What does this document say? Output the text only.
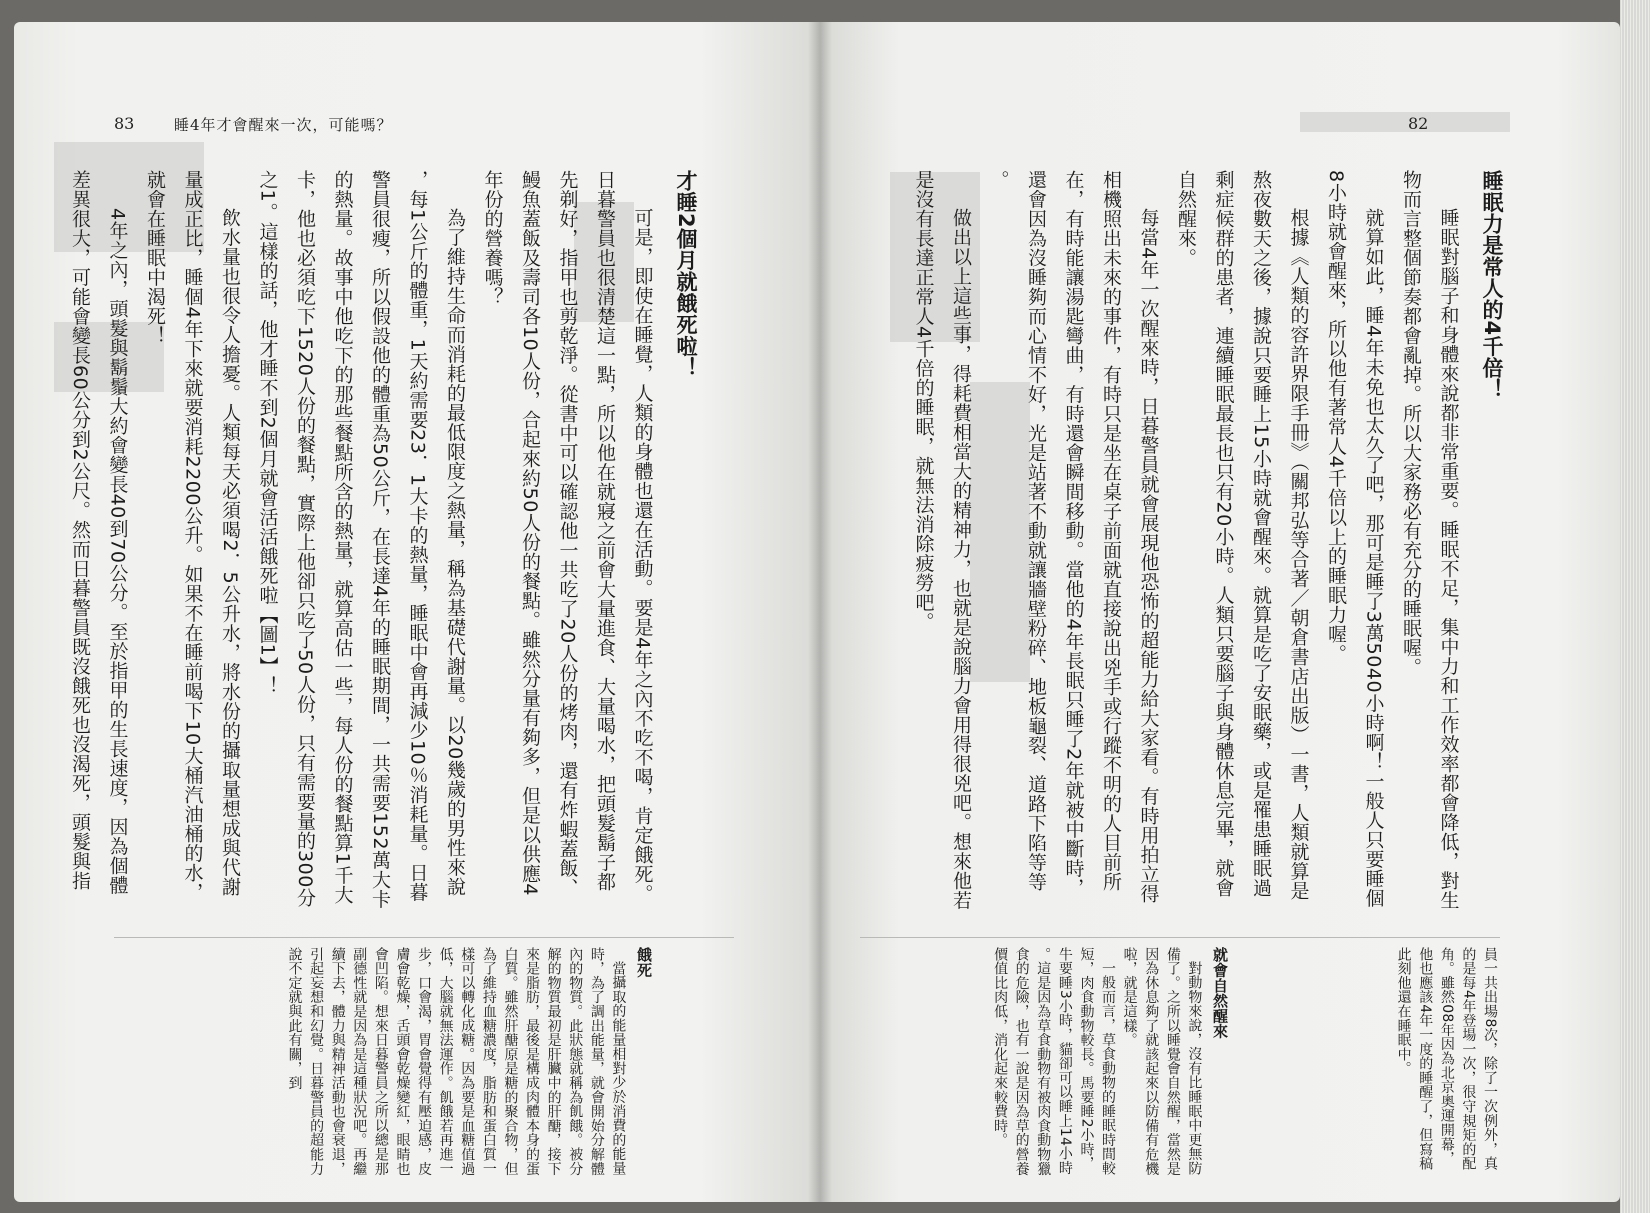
83	睡4年才會醒來一次，可能嗎？
才睡2個月就餓死啦！

可是，即使在睡覺，人類的身體也還在活動。要是4年之內不吃不喝，肯定餓死。日暮警員也很清楚這一點，所以他在就寢之前會大量進食、大量喝水，把頭髮鬍子都先剃好，指甲也剪乾淨。從書中可以確認他一共吃了20人份的烤肉，還有炸蝦蓋飯、鰻魚蓋飯及壽司各10人份，合起來約50人份的餐點。雖然分量有夠多，但是以供應4年份的營養嗎？

為了維持生命而消耗的最低限度之熱量，稱為基礎代謝量。以20幾歲的男性來說，每1公斤的體重，1天約需要23．1大卡的熱量，睡眠中會再減少10％消耗量。日暮警員很瘦，所以假設他的體重為50公斤，在長達4年的睡眠期間，一共需要152萬大卡的熱量。故事中他吃下的那些餐點所含的熱量，就算高估一些，每人份的餐點算1千大卡，他也必須吃下1520人份的餐點，實際上他卻只吃了50人份，只有需要量的300分之1。這樣的話，他才睡不到2個月就會活活餓死啦【圖1】！

飲水量也很令人擔憂。人類每天必須喝2．5公升水，將水份的攝取量想成與代謝量成正比，睡個4年下來就要消耗2200公升。如果不在睡前喝下10大桶汽油桶的水，就會在睡眠中渴死！

4年之內，頭髮與鬍鬚大約會變長40到70公分。至於指甲的生長速度，因為個體差異很大，可能會變長60公分到2公尺。然而日暮警員既沒餓死也沒渴死，頭髮與指

餓死

當攝取的能量相對少於消費的能量時，為了調出能量，就會開始分解體內的物質。此狀態就稱為飢餓。被分解的物質最初是肝臟中的肝醣，接下來是脂肪，最後是構成肉體本身的蛋白質。雖然肝醣原是糖的聚合物，但為了維持血糖濃度，脂肪和蛋白質一樣可以轉化成糖。因為要是血糖值過低，大腦就無法運作。飢餓若再進一步，口會渴，胃會覺得有壓迫感，皮膚會乾燥，舌頭會乾燥變紅，眼睛也會凹陷。想來日暮警員之所以總是那副德性就是因為是這種狀況吧。再繼續下去，體力與精神活動也會衰退，引起妄想和幻覺。日暮警員的超能力說不定就與此有關，到

82
睡眠力是常人的4千倍！

睡眠對腦子和身體來說都非常重要。睡眠不足，集中力和工作效率都會降低，對生物而言整個節奏都會亂掉。所以大家務必有充分的睡眠喔。

就算如此，睡4年未免也太久了吧，那可是睡了3萬5040小時啊！一般人只要睡個8小時就會醒來，所以他有著常人4千倍以上的睡眠力喔。

根據《人類的容許界限手冊》（關邦弘等合著／朝倉書店出版）一書，人類就算是熬夜數天之後，據說只要睡上15小時就會醒來。就算是吃了安眠藥，或是罹患睡眠過剩症候群的患者，連續睡眠最長也只有20小時。人類只要腦子與身體休息完畢，就會自然醒來。

每當4年一次醒來時，日暮警員就會展現他恐怖的超能力給大家看。有時用拍立得相機照出未來的事件，有時只是坐在桌子前面就直接說出兇手或行蹤不明的人目前所在，有時能讓湯匙彎曲，有時還會瞬間移動。當他的4年長眠只睡了2年就被中斷時，還會因為沒睡夠而心情不好，光是站著不動就讓牆壁粉碎、地板龜裂、道路下陷等等。

做出以上這些事，得耗費相當大的精神力，也就是說腦力會用得很兇吧。想來他若是沒有長達正常人4千倍的睡眠，就無法消除疲勞吧。

員一共出場8次，除了一次例外，真的是每4年登場一次，很守規矩的配角。雖然08年因為北京奧運開幕，他也應該4年一度的睡醒了，但寫稿此刻他還在睡眠中。

就會自然醒來

對動物來說，沒有比睡眠中更無防備了。之所以睡覺會自然醒，當然是因為休息夠了就該起來以防備有危機啦，就是這樣。

一般而言，草食動物的睡眠時間較短，肉食動物較長。馬要睡2小時，牛要睡3小時，貓卻可以睡上14小時。這是因為草食動物有被肉食動物獵食的危險，也有一說是因為草的營養價值比肉低，消化起來較費時。
